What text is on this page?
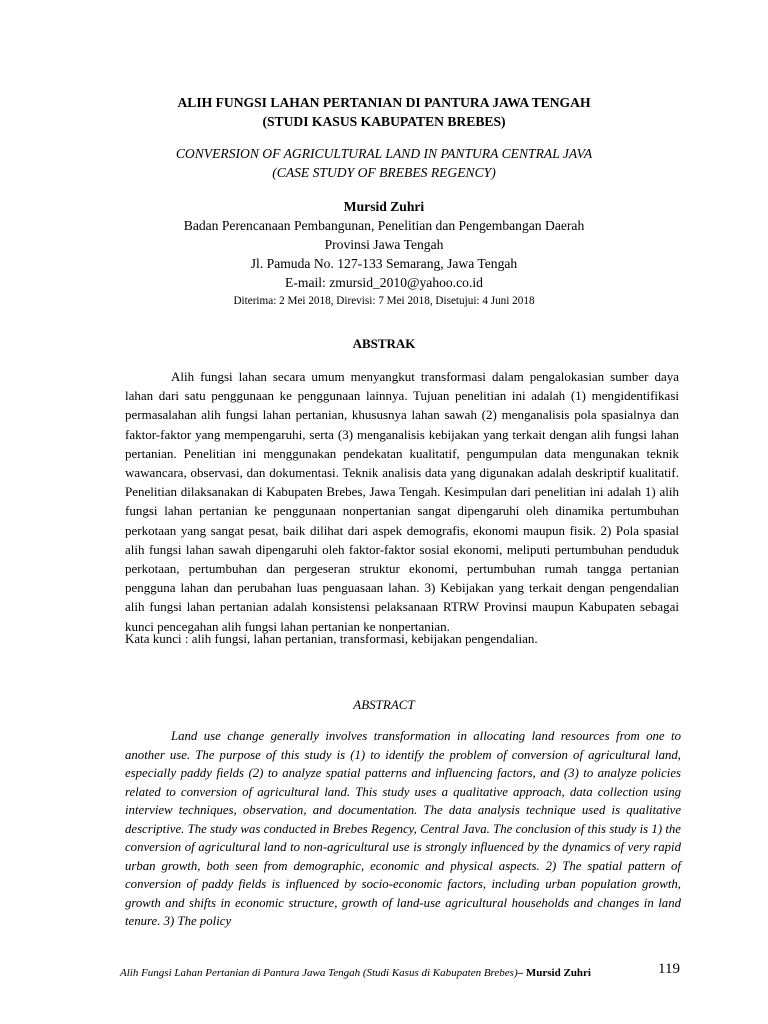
ALIH FUNGSI LAHAN PERTANIAN DI PANTURA JAWA TENGAH
(STUDI KASUS KABUPATEN BREBES)
CONVERSION OF AGRICULTURAL LAND IN PANTURA CENTRAL JAVA
(CASE STUDY OF BREBES REGENCY)
Mursid Zuhri
Badan Perencanaan Pembangunan, Penelitian dan Pengembangan Daerah
Provinsi Jawa Tengah
Jl. Pamuda No. 127-133 Semarang, Jawa Tengah
E-mail: zmursid_2010@yahoo.co.id
Diterima: 2 Mei 2018, Direvisi: 7 Mei 2018, Disetujui: 4 Juni 2018
ABSTRAK

Alih fungsi lahan secara umum menyangkut transformasi dalam pengalokasian sumber daya lahan dari satu penggunaan ke penggunaan lainnya. Tujuan penelitian ini adalah (1) mengidentifikasi permasalahan alih fungsi lahan pertanian, khususnya lahan sawah (2) menganalisis pola spasialnya dan faktor-faktor yang mempengaruhi, serta (3) menganalisis kebijakan yang terkait dengan alih fungsi lahan pertanian. Penelitian ini menggunakan pendekatan kualitatif, pengumpulan data mengunakan teknik wawancara, observasi, dan dokumentasi. Teknik analisis data yang digunakan adalah deskriptif kualitatif. Penelitian dilaksanakan di Kabupaten Brebes, Jawa Tengah. Kesimpulan dari penelitian ini adalah 1) alih fungsi lahan pertanian ke penggunaan nonpertanian sangat dipengaruhi oleh dinamika pertumbuhan perkotaan yang sangat pesat, baik dilihat dari aspek demografis, ekonomi maupun fisik. 2) Pola spasial alih fungsi lahan sawah dipengaruhi oleh faktor-faktor sosial ekonomi, meliputi pertumbuhan penduduk perkotaan, pertumbuhan dan pergeseran struktur ekonomi, pertumbuhan rumah tangga pertanian pengguna lahan dan perubahan luas penguasaan lahan. 3) Kebijakan yang terkait dengan pengendalian alih fungsi lahan pertanian adalah konsistensi pelaksanaan RTRW Provinsi maupun Kabupaten sebagai kunci pencegahan alih fungsi lahan pertanian ke nonpertanian.

Kata kunci : alih fungsi, lahan pertanian, transformasi, kebijakan pengendalian.
ABSTRACT

Land use change generally involves transformation in allocating land resources from one to another use. The purpose of this study is (1) to identify the problem of conversion of agricultural land, especially paddy fields (2) to analyze spatial patterns and influencing factors, and (3) to analyze policies related to conversion of agricultural land. This study uses a qualitative approach, data collection using interview techniques, observation, and documentation. The data analysis technique used is qualitative descriptive. The study was conducted in Brebes Regency, Central Java. The conclusion of this study is 1) the conversion of agricultural land to non-agricultural use is strongly influenced by the dynamics of very rapid urban growth, both seen from demographic, economic and physical aspects. 2) The spatial pattern of conversion of paddy fields is influenced by socio-economic factors, including urban population growth, growth and shifts in economic structure, growth of land-use agricultural households and changes in land tenure. 3) The policy

Alih Fungsi Lahan Pertanian di Pantura Jawa Tengah (Studi Kasus di Kabupaten Brebes)– Mursid Zuhri	119
